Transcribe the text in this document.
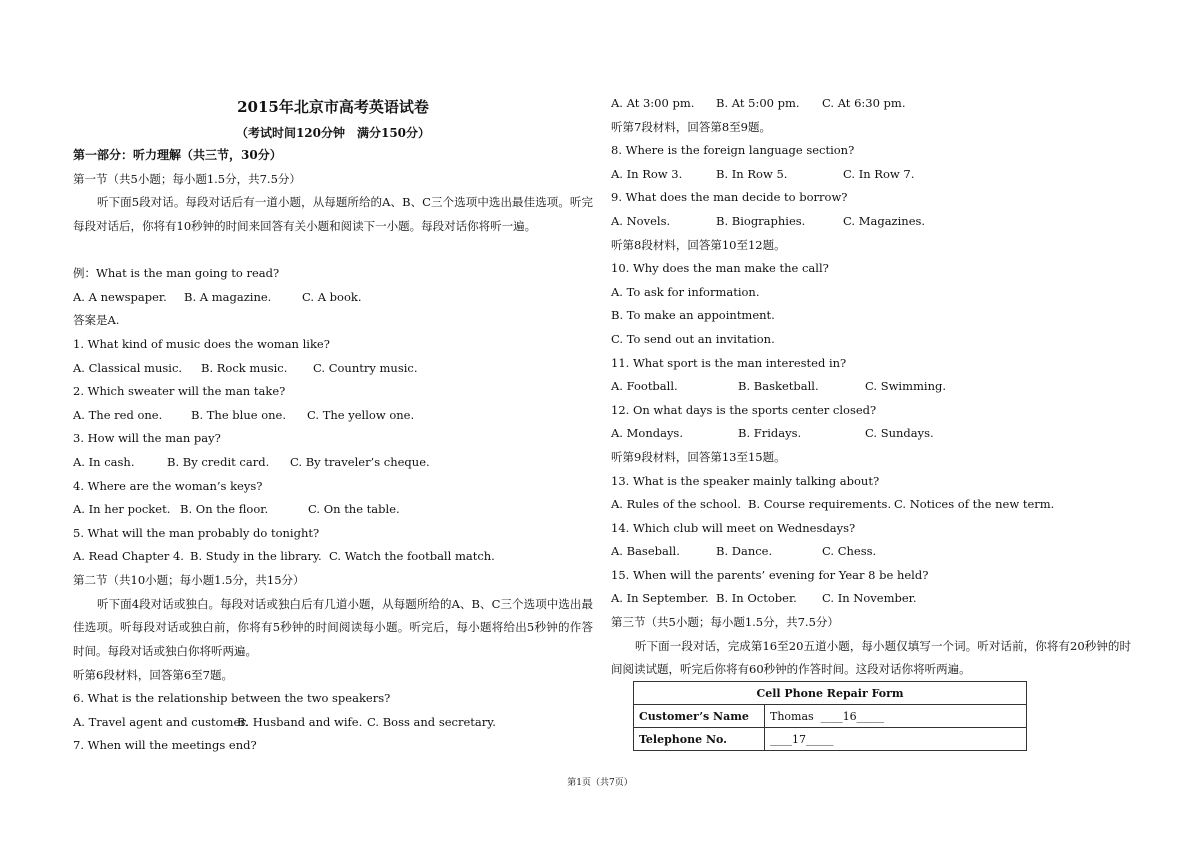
2015年北京市高考英语试卷
（考试时间120分钟　满分150分）
第一部分：听力理解（共三节，30分）
第一节（共5小题；每小题1.5分，共7.5分）
听下面5段对话。每段对话后有一道小题，从每题所给的A、B、C三个选项中选出最佳选项。听完每段对话后，你将有10秒钟的时间来回答有关小题和阅读下一小题。每段对话你将听一遍。
例：What is the man going to read?
A. A newspaper. B. A magazine.	C. A book.
答案是A.
1. What kind of music does the woman like?
A. Classical music. B. Rock music. C. Country music.
2. Which sweater will the man take?
A. The red one. B. The blue one. C. The yellow one.
3. How will the man pay?
A. In cash.	B. By credit card. C. By traveler’s cheque.
4. Where are the woman’s keys?
A. In her pocket. B. On the floor.	C. On the table.
5. What will the man probably do tonight?
A. Read Chapter 4. B. Study in the library. C. Watch the football match.
第二节（共10小题；每小题1.5分，共15分）
听下面4段对话或独白。每段对话或独白后有几道小题，从每题所给的A、B、C三个选项中选出最佳选项。听每段对话或独白前，你将有5秒钟的时间阅读每小题。听完后，每小题将给出5秒钟的作答时间。每段对话或独白你将听两遍。
听第6段材料，回答第6至7题。
6. What is the relationship between the two speakers?
A. Travel agent and customer.
B. Husband and wife. C. Boss and secretary.
7. When will the meetings end?
A. At 3:00 pm. B. At 5:00 pm. C. At 6:30 pm.
听第7段材料，回答第8至9题。
8. Where is the foreign language section?
A. In Row 3.	B. In Row 5.	C. In Row 7.
9. What does the man decide to borrow?
A. Novels.	B. Biographies.	C. Magazines.
听第8段材料，回答第10至12题。
10. Why does the man make the call?
A. To ask for information.
B. To make an appointment.
C. To send out an invitation.
11. What sport is the man interested in?
A. Football.	B. Basketball.	C. Swimming.
12. On what days is the sports center closed?
A. Mondays.	B. Fridays.	C. Sundays.
听第9段材料，回答第13至15题。
13. What is the speaker mainly talking about?
A. Rules of the school. B. Course requirements. C. Notices of the new term.
14. Which club will meet on Wednesdays?
A. Baseball.	B. Dance.	C. Chess.
15. When will the parents’ evening for Year 8 be held?
A. In September. B. In October. C. In November.
第三节（共5小题；每小题1.5分，共7.5分）
听下面一段对话，完成第16至20五道小题，每小题仅填写一个词。听对话前，你将有20秒钟的时间阅读试题，听完后你将有60秒钟的作答时间。这段对话你将听两遍。
Cell Phone Repair Form	
Customer’s Name	Thomas ____16_____
Telephone No.	____17_____
第1页（共7页）
